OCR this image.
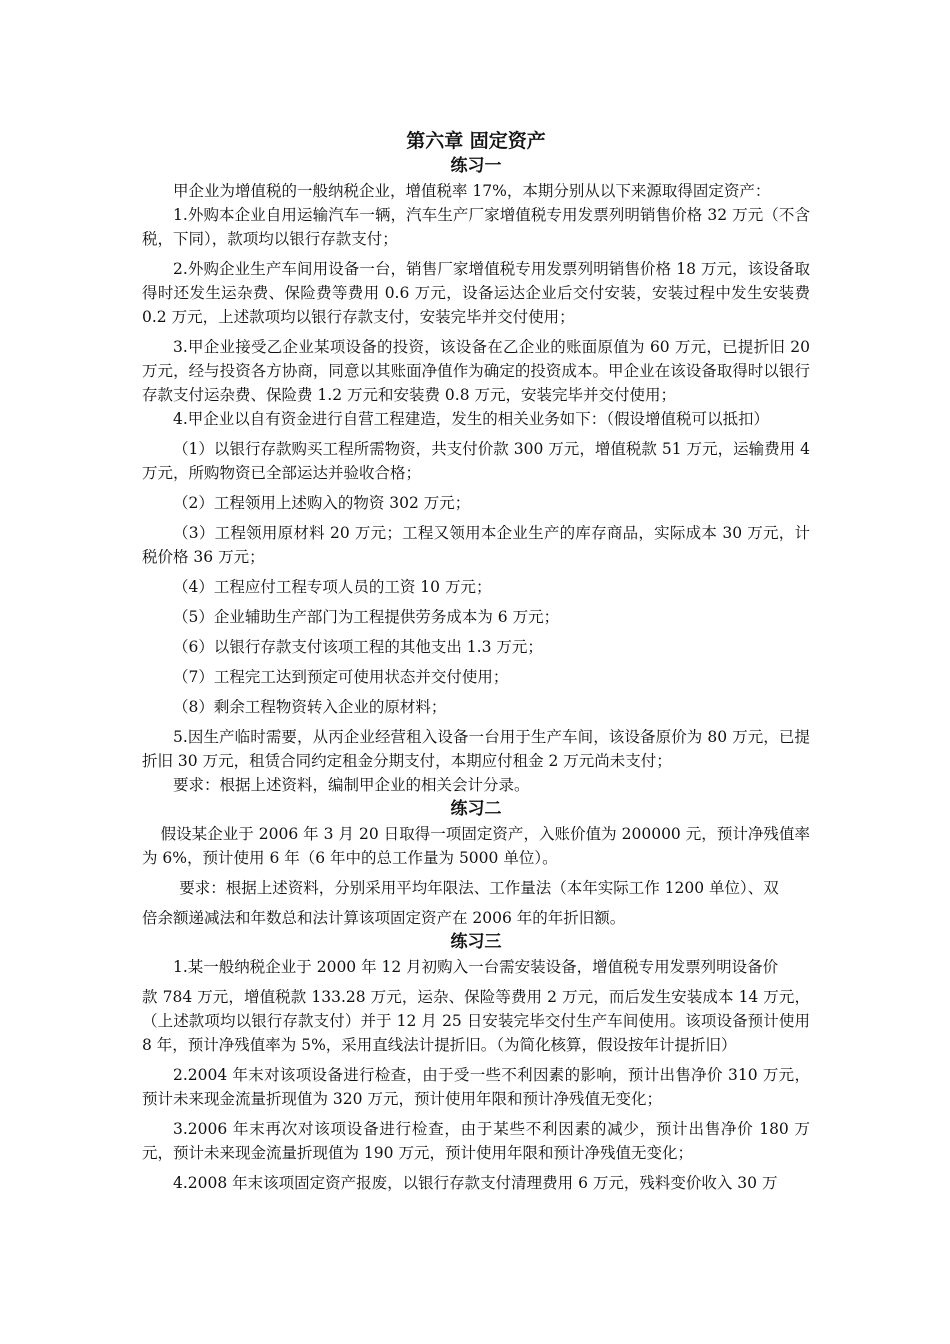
第六章 固定资产
练习一

甲企业为增值税的一般纳税企业，增值税率 17%，本期分别从以下来源取得固定资产：

1.外购本企业自用运输汽车一辆，汽车生产厂家增值税专用发票列明销售价格 32 万元（不含税，下同），款项均以银行存款支付；

2.外购企业生产车间用设备一台，销售厂家增值税专用发票列明销售价格 18 万元，该设备取得时还发生运杂费、保险费等费用 0.6 万元，设备运达企业后交付安装，安装过程中发生安装费 0.2 万元，上述款项均以银行存款支付，安装完毕并交付使用；

3.甲企业接受乙企业某项设备的投资，该设备在乙企业的账面原值为 60 万元，已提折旧 20 万元，经与投资各方协商，同意以其账面净值作为确定的投资成本。甲企业在该设备取得时以银行存款支付运杂费、保险费 1.2 万元和安装费 0.8 万元，安装完毕并交付使用；

4.甲企业以自有资金进行自营工程建造，发生的相关业务如下：（假设增值税可以抵扣）

（1）以银行存款购买工程所需物资，共支付价款 300 万元，增值税款 51 万元，运输费用 4 万元，所购物资已全部运达并验收合格；

（2）工程领用上述购入的物资 302 万元；

（3）工程领用原材料 20 万元；工程又领用本企业生产的库存商品，实际成本 30 万元，计税价格 36 万元；

（4）工程应付工程专项人员的工资 10 万元；

（5）企业辅助生产部门为工程提供劳务成本为 6 万元；

（6）以银行存款支付该项工程的其他支出 1.3 万元；

（7）工程完工达到预定可使用状态并交付使用；

（8）剩余工程物资转入企业的原材料；

5.因生产临时需要，从丙企业经营租入设备一台用于生产车间，该设备原价为 80 万元，已提折旧 30 万元，租赁合同约定租金分期支付，本期应付租金 2 万元尚未支付；

要求：根据上述资料，编制甲企业的相关会计分录。

练习二

假设某企业于 2006 年 3 月 20 日取得一项固定资产，入账价值为 200000 元，预计净残值率为 6%，预计使用 6 年（6 年中的总工作量为 5000 单位）。

要求：根据上述资料，分别采用平均年限法、工作量法（本年实际工作 1200 单位）、双

倍余额递减法和年数总和法计算该项固定资产在 2006 年的年折旧额。

练习三

1.某一般纳税企业于 2000 年 12 月初购入一台需安装设备，增值税专用发票列明设备价

款 784 万元，增值税款 133.28 万元，运杂、保险等费用 2 万元，而后发生安装成本 14 万元，（上述款项均以银行存款支付）并于 12 月 25 日安装完毕交付生产车间使用。该项设备预计使用 8 年，预计净残值率为 5%，采用直线法计提折旧。（为简化核算，假设按年计提折旧）

2.2004 年末对该项设备进行检查，由于受一些不利因素的影响，预计出售净价 310 万元，预计未来现金流量折现值为 320 万元，预计使用年限和预计净残值无变化；

3.2006 年末再次对该项设备进行检查，由于某些不利因素的减少，预计出售净价 180 万元，预计未来现金流量折现值为 190 万元，预计使用年限和预计净残值无变化；

4.2008 年末该项固定资产报废，以银行存款支付清理费用 6 万元，残料变价收入 30 万
